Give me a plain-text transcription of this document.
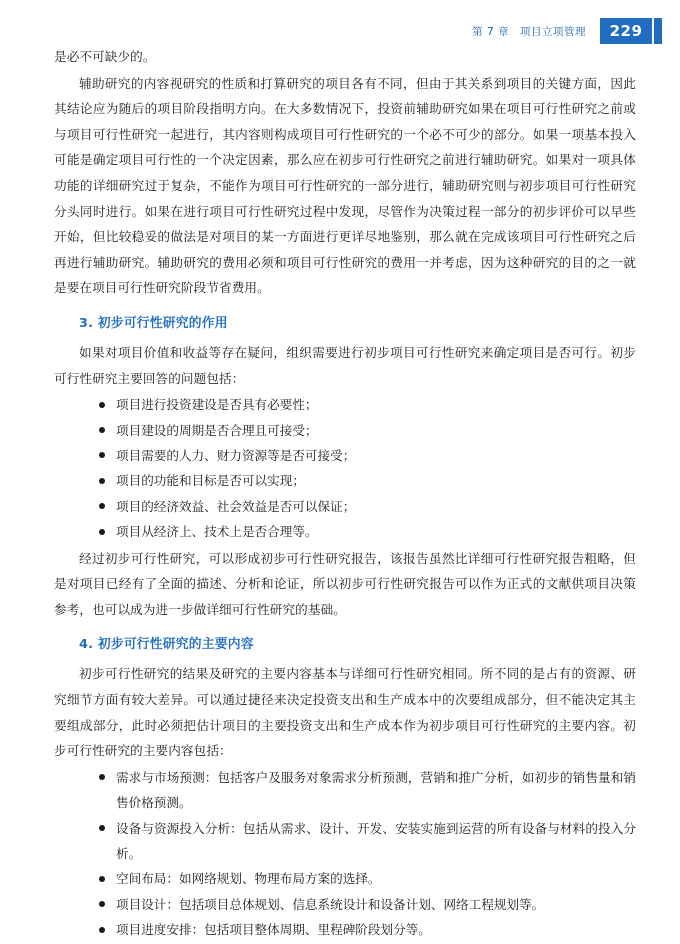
第 7 章　项目立项管理	229

是必不可缺少的。

辅助研究的内容视研究的性质和打算研究的项目各有不同，但由于其关系到项目的关键方面，因此其结论应为随后的项目阶段指明方向。在大多数情况下，投资前辅助研究如果在项目可行性研究之前或与项目可行性研究一起进行，其内容则构成项目可行性研究的一个必不可少的部分。如果一项基本投入可能是确定项目可行性的一个决定因素，那么应在初步可行性研究之前进行辅助研究。如果对一项具体功能的详细研究过于复杂，不能作为项目可行性研究的一部分进行，辅助研究则与初步项目可行性研究分头同时进行。如果在进行项目可行性研究过程中发现，尽管作为决策过程一部分的初步评价可以早些开始，但比较稳妥的做法是对项目的某一方面进行更详尽地鉴别，那么就在完成该项目可行性研究之后再进行辅助研究。辅助研究的费用必须和项目可行性研究的费用一并考虑，因为这种研究的目的之一就是要在项目可行性研究阶段节省费用。

3. 初步可行性研究的作用

如果对项目价值和收益等存在疑问，组织需要进行初步项目可行性研究来确定项目是否可行。初步可行性研究主要回答的问题包括：

项目进行投资建设是否具有必要性；
项目建设的周期是否合理且可接受；
项目需要的人力、财力资源等是否可接受；
项目的功能和目标是否可以实现；
项目的经济效益、社会效益是否可以保证；
项目从经济上、技术上是否合理等。

经过初步可行性研究，可以形成初步可行性研究报告，该报告虽然比详细可行性研究报告粗略，但是对项目已经有了全面的描述、分析和论证，所以初步可行性研究报告可以作为正式的文献供项目决策参考，也可以成为进一步做详细可行性研究的基础。

4. 初步可行性研究的主要内容

初步可行性研究的结果及研究的主要内容基本与详细可行性研究相同。所不同的是占有的资源、研究细节方面有较大差异。可以通过捷径来决定投资支出和生产成本中的次要组成部分，但不能决定其主要组成部分，此时必须把估计项目的主要投资支出和生产成本作为初步项目可行性研究的主要内容。初步可行性研究的主要内容包括：

需求与市场预测：包括客户及服务对象需求分析预测，营销和推广分析，如初步的销售量和销售价格预测。
设备与资源投入分析：包括从需求、设计、开发、安装实施到运营的所有设备与材料的投入分析。
空间布局：如网络规划、物理布局方案的选择。
项目设计：包括项目总体规划、信息系统设计和设备计划、网络工程规划等。
项目进度安排：包括项目整体周期、里程碑阶段划分等。
